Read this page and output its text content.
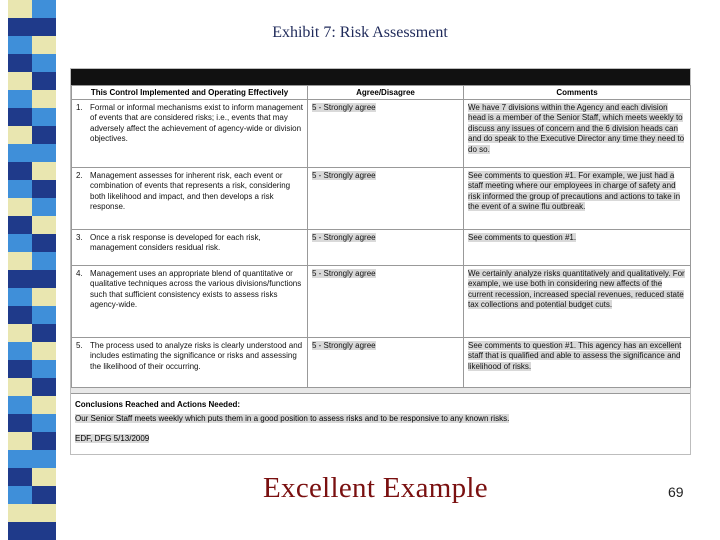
Exhibit 7: Risk Assessment
This Control Implemented and Operating Effectively	Agree/Disagree	Comments

1. Formal or informal mechanisms exist to inform management of events that are considered risks; i.e., events that may adversely affect the achievement of agency-wide or division objectives.	5 - Strongly agree	We have 7 divisions within the Agency and each division head is a member of the Senior Staff, which meets weekly to discuss any issues of concern and the 6 division heads can and do speak to the Executive Director any time they need to do so.

2. Management assesses for inherent risk, each event or combination of events that represents a risk, considering both likelihood and impact, and then develops a risk response.	5 - Strongly agree	See comments to question #1. For example, we just had a staff meeting where our employees in charge of safety and risk informed the group of precautions and actions to take in the event of a swine flu outbreak.

3. Once a risk response is developed for each risk, management considers residual risk.	5 - Strongly agree	See comments to question #1.

4. Management uses an appropriate blend of quantitative or qualitative techniques across the various divisions/functions such that sufficient consistency exists to assess risks agency-wide.	5 - Strongly agree	We certainly analyze risks quantitatively and qualitatively. For example, we use both in considering new affects of the current recession, increased special revenues, reduced state tax collections and potential budget cuts.

5. The process used to analyze risks is clearly understood and includes estimating the significance or risks and assessing the likelihood of their occurring.	5 - Strongly agree	See comments to question #1. This agency has an excellent staff that is qualified and able to assess the significance and likelihood of risks.
Conclusions Reached and Actions Needed:
Our Senior Staff meets weekly which puts them in a good position to assess risks and to be responsive to any known risks.
EDF, DFG 5/13/2009
Excellent Example	69
